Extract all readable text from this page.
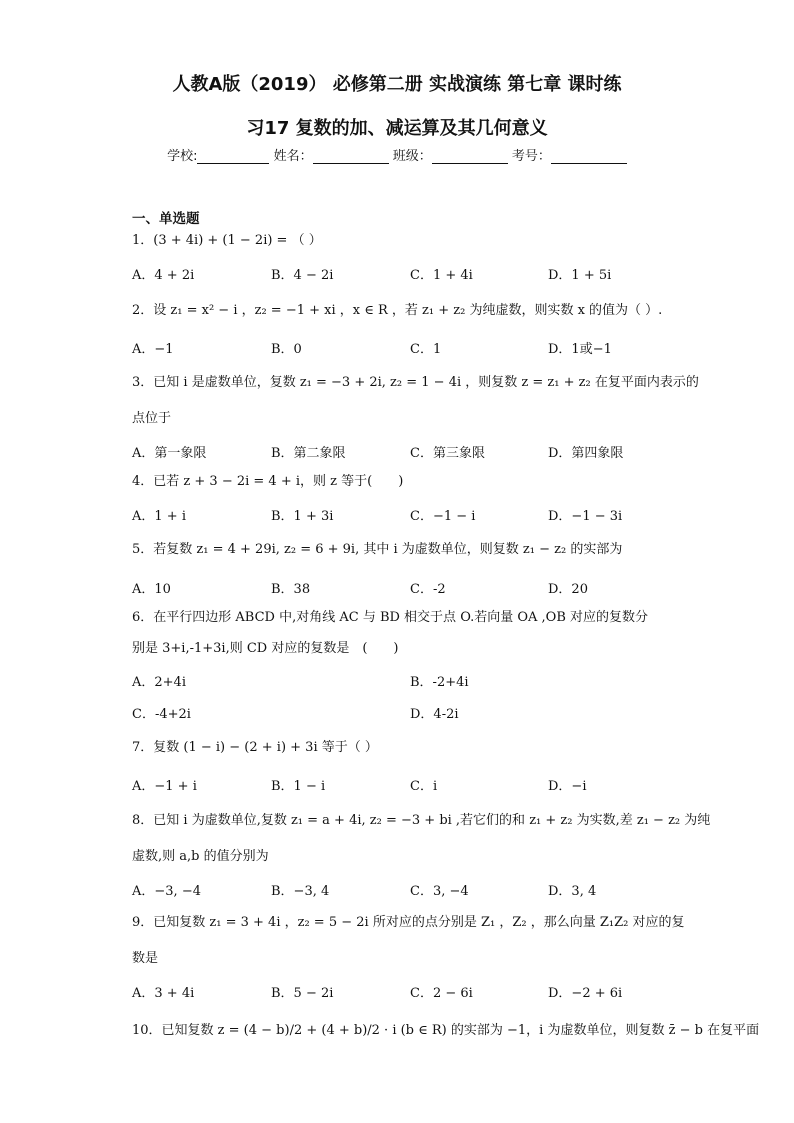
人教A版（2019） 必修第二册 实战演练 第七章 课时练
习17 复数的加、减运算及其几何意义
学校:	姓名：	班级：	考号：
一、单选题
1．(3 + 4i) + (1 − 2i) = （ ）
A．4 + 2i	B．4 − 2i	C．1 + 4i	D．1 + 5i
2．设 z₁ = x² − i ，z₂ = −1 + xi ，x ∈ R ，若 z₁ + z₂ 为纯虚数，则实数 x 的值为（ ）.
A．−1	B．0	C．1	D．1或−1
3．已知 i 是虚数单位，复数 z₁ = −3 + 2i, z₂ = 1 − 4i ，则复数 z = z₁ + z₂ 在复平面内表示的
点位于
A．第一象限	B．第二象限	C．第三象限	D．第四象限
4．已若 z + 3 − 2i = 4 + i，则 z 等于(　　)
A．1 + i	B．1 + 3i	C．−1 − i	D．−1 − 3i
5．若复数 z₁ = 4 + 29i, z₂ = 6 + 9i, 其中 i 为虚数单位，则复数 z₁ − z₂ 的实部为
A．10	B．38	C．-2	D．20
6．在平行四边形 ABCD 中,对角线 AC 与 BD 相交于点 O.若向量 OA ,OB 对应的复数分
别是 3+i,-1+3i,则 CD 对应的复数是　(　　)
A．2+4i	B．-2+4i
C．-4+2i	D．4-2i
7．复数 (1 − i) − (2 + i) + 3i 等于（ ）
A．−1 + i	B．1 − i	C．i	D．−i
8．已知 i 为虚数单位,复数 z₁ = a + 4i, z₂ = −3 + bi ,若它们的和 z₁ + z₂ 为实数,差 z₁ − z₂ 为纯
虚数,则 a,b 的值分别为
A．−3, −4	B．−3, 4	C．3, −4	D．3, 4
9．已知复数 z₁ = 3 + 4i ，z₂ = 5 − 2i 所对应的点分别是 Z₁ ，Z₂ ，那么向量 Z₁Z₂ 对应的复
数是
A．3 + 4i	B．5 − 2i	C．2 − 6i	D．−2 + 6i
10．已知复数 z = (4 − b)/2 + (4 + b)/2 · i (b ∈ R) 的实部为 −1，i 为虚数单位，则复数 z̄ − b 在复平面
